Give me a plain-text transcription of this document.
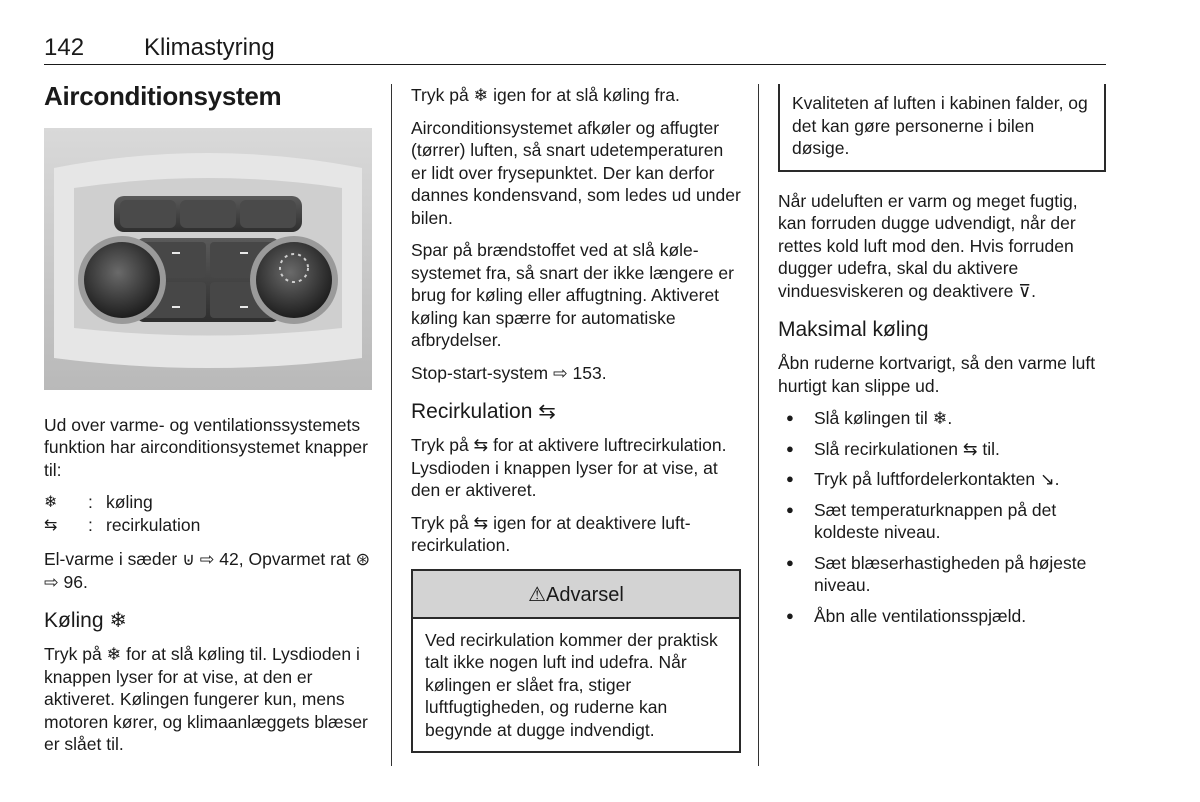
142 Klimastyring
Airconditionsystem

Ud over varme- og ventilationssystemets funktion har airconditionsystemet knapper til:

❄	: køling
⇆	: recirkulation

El-varme i sæder ⊍ ⇨ 42, Opvarmet rat ⊛ ⇨ 96.

Køling ❄

Tryk på ❄ for at slå køling til. Lysdioden i knappen lyser for at vise, at den er aktiveret. Kølingen fungerer kun, mens motoren kører, og klimaanlæggets blæser er slået til.

Tryk på ❄ igen for at slå køling fra.

Airconditionsystemet afkøler og affugter (tørrer) luften, så snart udetemperaturen er lidt over frysepunktet. Der kan derfor dannes kondensvand, som ledes ud under bilen.

Spar på brændstoffet ved at slå kølesystemet fra, så snart der ikke længere er brug for køling eller affugtning. Aktiveret køling kan spærre for automatiske afbrydelser.

Stop-start-system ⇨ 153.

Recirkulation ⇆

Tryk på ⇆ for at aktivere luftrecirkulation. Lysdioden i knappen lyser for at vise, at den er aktiveret.

Tryk på ⇆ igen for at deaktivere luftrecirkulation.

⚠Advarsel
Ved recirkulation kommer der praktisk talt ikke nogen luft ind udefra. Når kølingen er slået fra, stiger luftfugtigheden, og ruderne kan begynde at dugge indvendigt.
Kvaliteten af luften i kabinen falder, og det kan gøre personerne i bilen døsige.

Når udeluften er varm og meget fugtig, kan forruden dugge udvendigt, når der rettes kold luft mod den. Hvis forruden dugger udefra, skal du aktivere vinduesviskeren og deaktivere ⊽.

Maksimal køling

Åbn ruderne kortvarigt, så den varme luft hurtigt kan slippe ud.

● Slå kølingen til ❄.
● Slå recirkulationen ⇆ til.
● Tryk på luftfordelerkontakten ↘.
● Sæt temperaturknappen på det koldeste niveau.
● Sæt blæserhastigheden på højeste niveau.
● Åbn alle ventilationsspjæld.
